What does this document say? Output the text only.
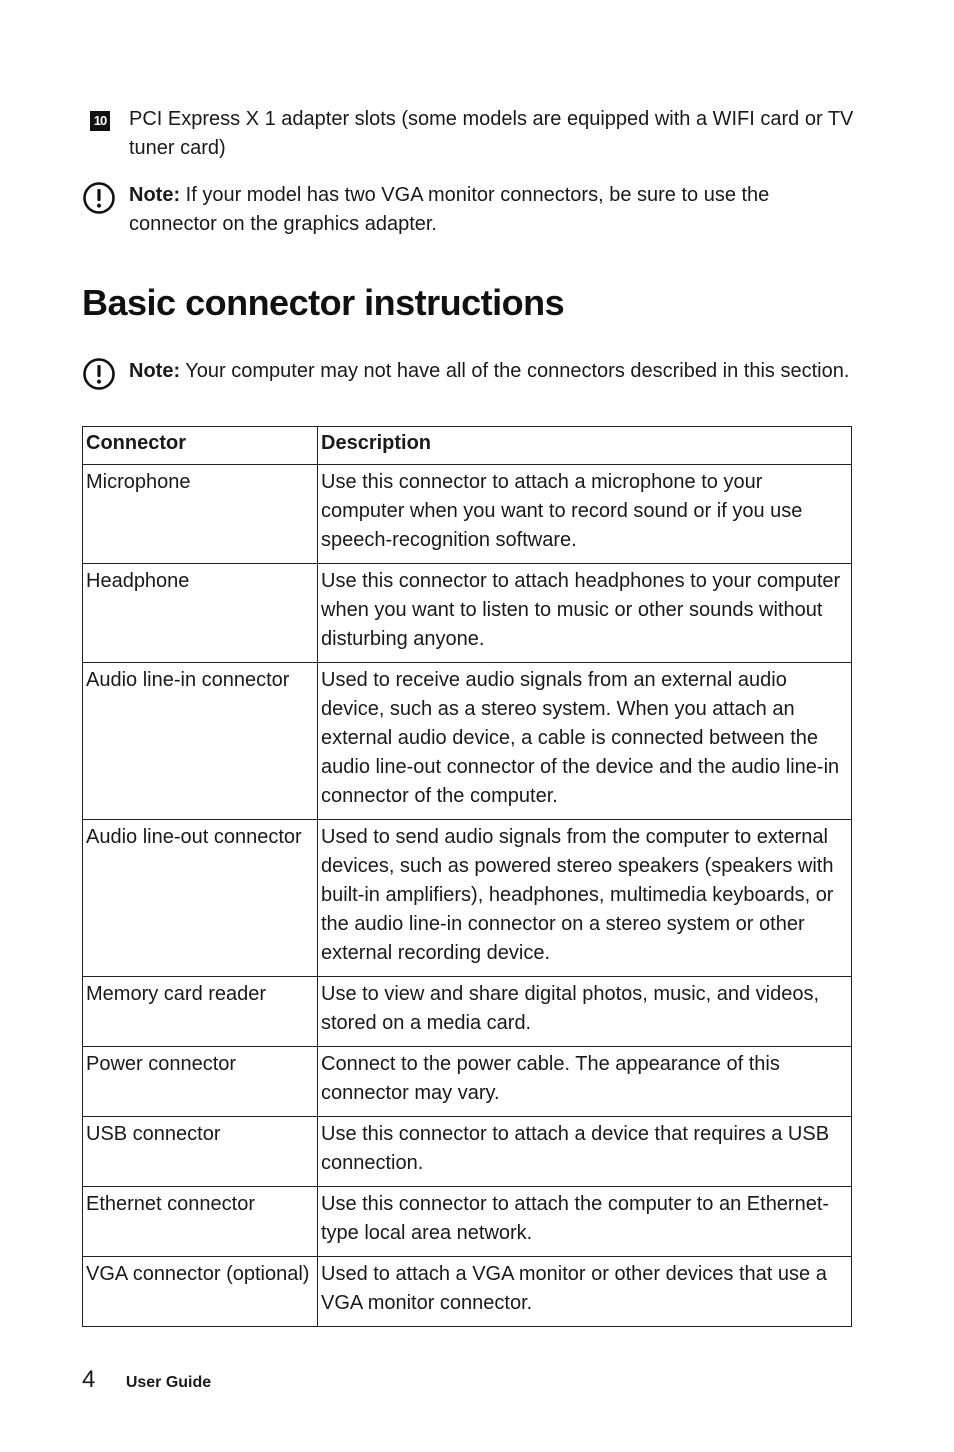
10 PCI Express X 1 adapter slots (some models are equipped with a WIFI card or TV tuner card)
Note: If your model has two VGA monitor connectors, be sure to use the connector on the graphics adapter.
Basic connector instructions
Note: Your computer may not have all of the connectors described in this section.
Connector	Description
Microphone	Use this connector to attach a microphone to your computer when you want to record sound or if you use speech-recognition software.
Headphone	Use this connector to attach headphones to your computer when you want to listen to music or other sounds without disturbing anyone.
Audio line-in connector	Used to receive audio signals from an external audio device, such as a stereo system. When you attach an external audio device, a cable is connected between the audio line-out connector of the device and the audio line-in connector of the computer.
Audio line-out connector	Used to send audio signals from the computer to external devices, such as powered stereo speakers (speakers with built-in amplifiers), headphones, multimedia keyboards, or the audio line-in connector on a stereo system or other external recording device.
Memory card reader	Use to view and share digital photos, music, and videos, stored on a media card.
Power connector	Connect to the power cable. The appearance of this connector may vary.
USB connector	Use this connector to attach a device that requires a USB connection.
Ethernet connector	Use this connector to attach the computer to an Ethernet-type local area network.
VGA connector (optional)	Used to attach a VGA monitor or other devices that use a VGA monitor connector.
4 User Guide
